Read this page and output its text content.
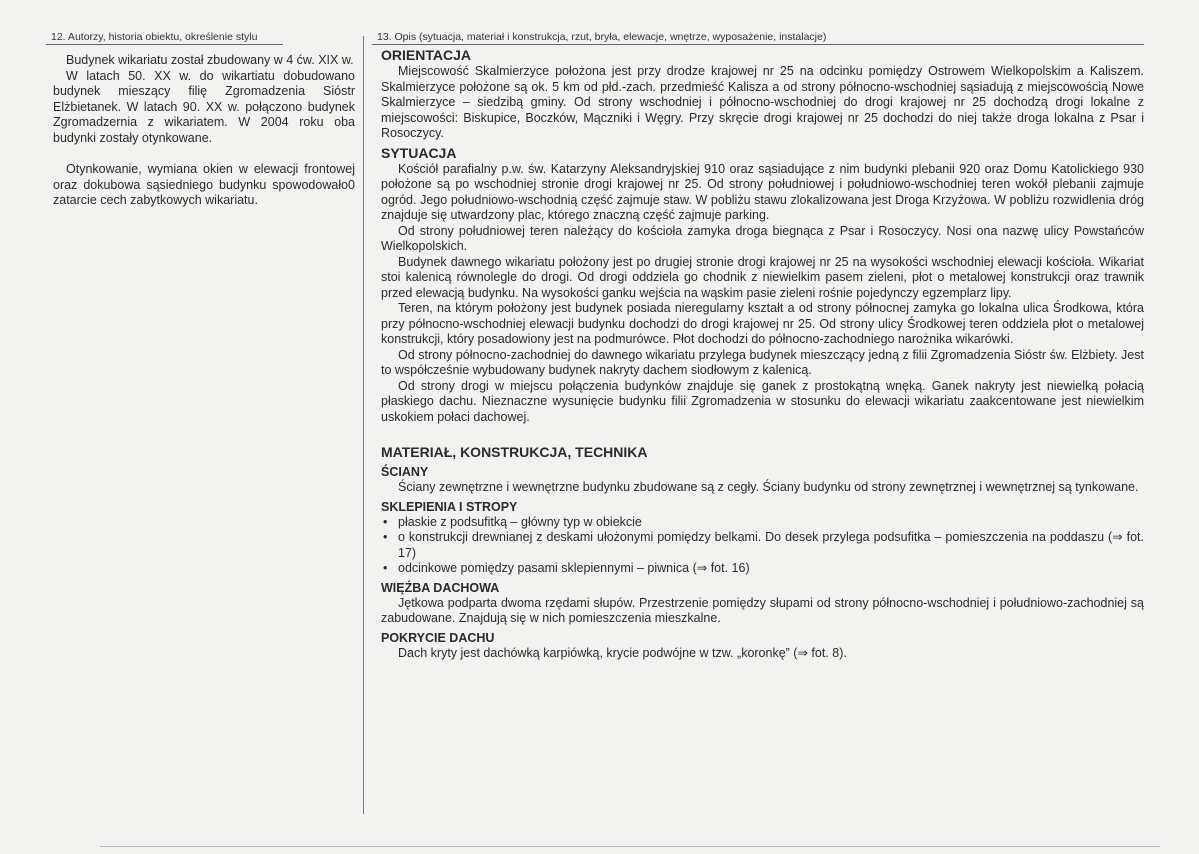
12. Autorzy, historia obiektu, określenie stylu

Budynek wikariatu został zbudowany w 4 ćw. XIX w.

W latach 50. XX w. do wikartiatu dobudowano budynek mieszący filię Zgromadzenia Sióstr Elżbietanek. W latach 90. XX w. połączono budynek Zgromadzernia z wikariatem. W 2004 roku oba budynki zostały otynkowane.

Otynkowanie, wymiana okien w elewacji frontowej oraz dokubowa sąsiedniego budynku spowodowało0 zatarcie cech zabytkowych wikariatu.

13. Opis (sytuacja, materiał i konstrukcja, rzut, bryła, elewacje, wnętrze, wyposażenie, instalacje)
ORIENTACJA

Miejscowość Skalmierzyce położona jest przy drodze krajowej nr 25 na odcinku pomiędzy Ostrowem Wielkopolskim a Kaliszem. Skalmierzyce położone są ok. 5 km od płd.-zach. przedmieść Kalisza a od strony północno-wschodniej sąsiadują z miejscowością Nowe Skalmierzyce – siedzibą gminy. Od strony wschodniej i północno-wschodniej do drogi krajowej nr 25 dochodzą drogi lokalne z miejscowości: Biskupice, Boczków, Mączniki i Węgry. Przy skręcie drogi krajowej nr 25 dochodzi do niej także droga lokalna z Psar i Rosoczycy.

SYTUACJA

Kościół parafialny p.w. św. Katarzyny Aleksandryjskiej 910 oraz sąsiadujące z nim budynki plebanii 920 oraz Domu Katolickiego 930 położone są po wschodniej stronie drogi krajowej nr 25. Od strony południowej i południowo-wschodniej teren wokół plebanii zajmuje ogród. Jego południowo-wschodnią część zajmuje staw. W pobliżu stawu zlokalizowana jest Droga Krzyżowa. W pobliżu rozwidlenia dróg znajduje się utwardzony plac, którego znaczną część zajmuje parking.

Od strony południowej teren należący do kościoła zamyka droga biegnąca z Psar i Rosoczycy. Nosi ona nazwę ulicy Powstańców Wielkopolskich.

Budynek dawnego wikariatu położony jest po drugiej stronie drogi krajowej nr 25 na wysokości wschodniej elewacji kościoła. Wikariat stoi kalenicą równolegle do drogi. Od drogi oddziela go chodnik z niewielkim pasem zieleni, płot o metalowej konstrukcji oraz trawnik przed elewacją budynku. Na wysokości ganku wejścia na wąskim pasie zieleni rośnie pojedynczy egzemplarz lipy.

Teren, na którym położony jest budynek posiada nieregularny kształt a od strony północnej zamyka go lokalna ulica Środkowa, która przy północno-wschodniej elewacji budynku dochodzi do drogi krajowej nr 25. Od strony ulicy Środkowej teren oddziela płot o metalowej konstrukcji, który posadowiony jest na podmurówce. Płot dochodzi do północno-zachodniego narożnika wikarówki.

Od strony północno-zachodniej do dawnego wikariatu przylega budynek mieszczący jedną z filii Zgromadzenia Sióstr św. Elżbiety. Jest to współcześnie wybudowany budynek nakryty dachem siodłowym z kalenicą.

Od strony drogi w miejscu połączenia budynków znajduje się ganek z prostokątną wnęką. Ganek nakryty jest niewielką połacią płaskiego dachu. Nieznaczne wysunięcie budynku filii Zgromadzenia w stosunku do elewacji wikariatu zaakcentowane jest niewielkim uskokiem połaci dachowej.

MATERIAŁ, KONSTRUKCJA, TECHNIKA
ŚCIANY

Ściany zewnętrzne i wewnętrzne budynku zbudowane są z cegły. Ściany budynku od strony zewnętrznej i wewnętrznej są tynkowane.

SKLEPIENIA I STROPY
• płaskie z podsufitką – główny typ w obiekcie
• o konstrukcji drewnianej z deskami ułożonymi pomiędzy belkami. Do desek przylega podsufitka – pomieszczenia na poddaszu (⇒ fot. 17)
• odcinkowe pomiędzy pasami sklepiennymi – piwnica (⇒ fot. 16)
WIĘŹBA DACHOWA

Jętkowa podparta dwoma rzędami słupów. Przestrzenie pomiędzy słupami od strony północno-wschodniej i południowo-zachodniej są zabudowane. Znajdują się w nich pomieszczenia mieszkalne.

POKRYCIE DACHU

Dach kryty jest dachówką karpiówką, krycie podwójne w tzw. „koronkę” (⇒ fot. 8).
